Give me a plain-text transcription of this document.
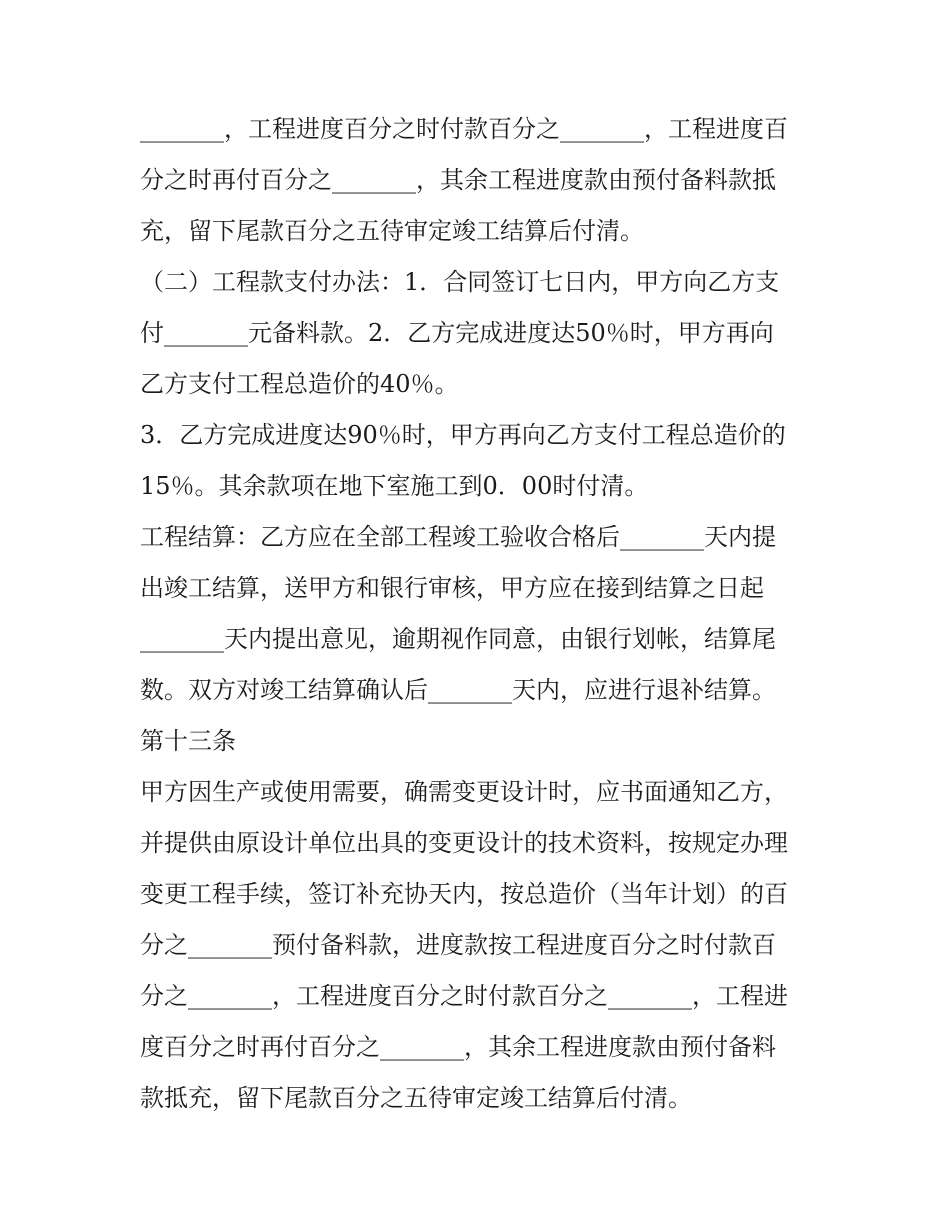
_______，工程进度百分之时付款百分之_______，工程进度百
分之时再付百分之_______，其余工程进度款由预付备料款抵
充，留下尾款百分之五待审定竣工结算后付清。
（二）工程款支付办法：1．合同签订七日内，甲方向乙方支
付_______元备料款。2．乙方完成进度达50％时，甲方再向
乙方支付工程总造价的40％。
3．乙方完成进度达90％时，甲方再向乙方支付工程总造价的
15％。其余款项在地下室施工到0．00时付清。
工程结算：乙方应在全部工程竣工验收合格后_______天内提
出竣工结算，送甲方和银行审核，甲方应在接到结算之日起
_______天内提出意见，逾期视作同意，由银行划帐，结算尾
数。双方对竣工结算确认后_______天内，应进行退补结算。
第十三条
甲方因生产或使用需要，确需变更设计时，应书面通知乙方，
并提供由原设计单位出具的变更设计的技术资料，按规定办理
变更工程手续，签订补充协天内，按总造价（当年计划）的百
分之_______预付备料款，进度款按工程进度百分之时付款百
分之_______，工程进度百分之时付款百分之_______，工程进
度百分之时再付百分之_______，其余工程进度款由预付备料
款抵充，留下尾款百分之五待审定竣工结算后付清。
